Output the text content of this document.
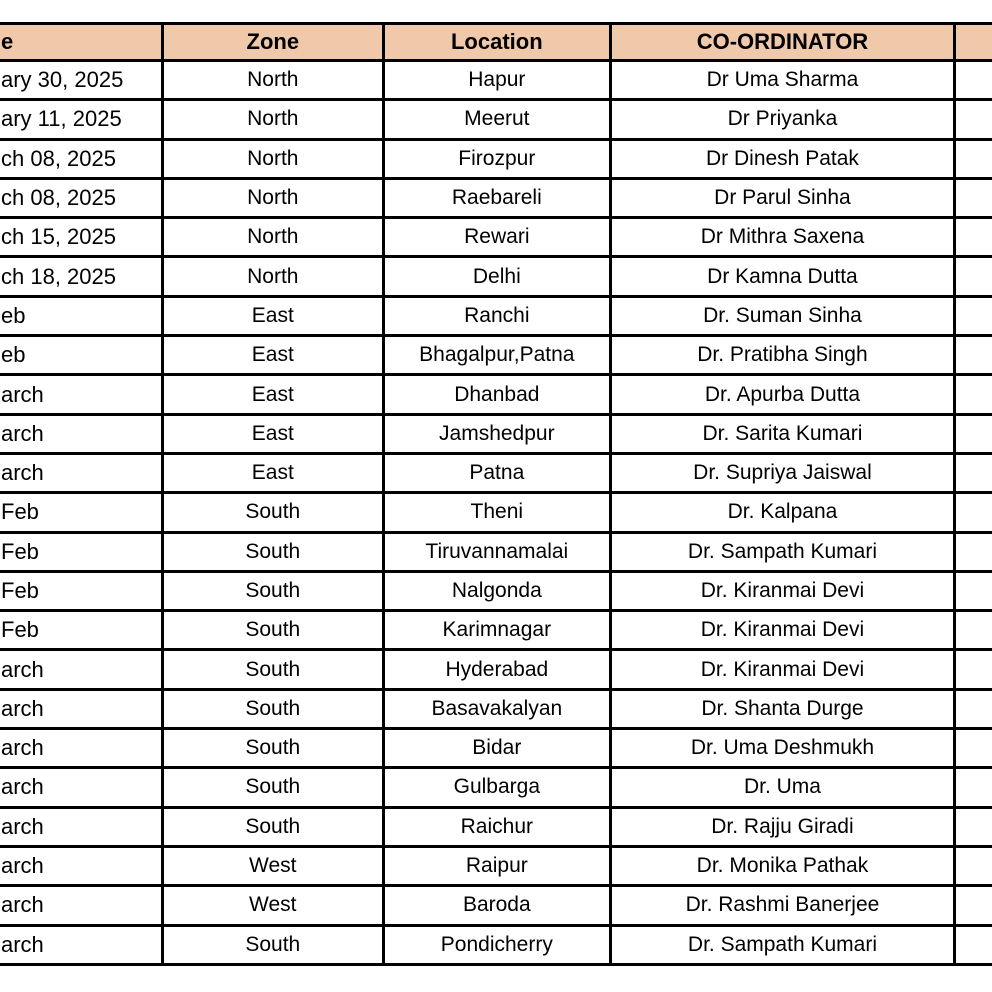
e	Zone	Location	CO-ORDINATOR	
ary 30, 2025	North	Hapur	Dr Uma Sharma	
ary 11, 2025	North	Meerut	Dr Priyanka	
ch 08, 2025	North	Firozpur	Dr Dinesh Patak	
ch 08, 2025	North	Raebareli	Dr Parul Sinha	
ch 15, 2025	North	Rewari	Dr Mithra Saxena	
ch 18, 2025	North	Delhi	Dr Kamna Dutta	
eb	East	Ranchi	Dr. Suman Sinha	
eb	East	Bhagalpur,Patna	Dr. Pratibha Singh	
arch	East	Dhanbad	Dr. Apurba Dutta	
arch	East	Jamshedpur	Dr. Sarita Kumari	
arch	East	Patna	Dr. Supriya Jaiswal	
Feb	South	Theni	Dr. Kalpana	
Feb	South	Tiruvannamalai	Dr. Sampath Kumari	
Feb	South	Nalgonda	Dr. Kiranmai Devi	
Feb	South	Karimnagar	Dr. Kiranmai Devi	
arch	South	Hyderabad	Dr. Kiranmai Devi	
arch	South	Basavakalyan	Dr. Shanta Durge	
arch	South	Bidar	Dr. Uma Deshmukh	
arch	South	Gulbarga	Dr. Uma	
arch	South	Raichur	Dr. Rajju Giradi	
arch	West	Raipur	Dr. Monika Pathak	
arch	West	Baroda	Dr. Rashmi Banerjee	
arch	South	Pondicherry	Dr. Sampath Kumari	
